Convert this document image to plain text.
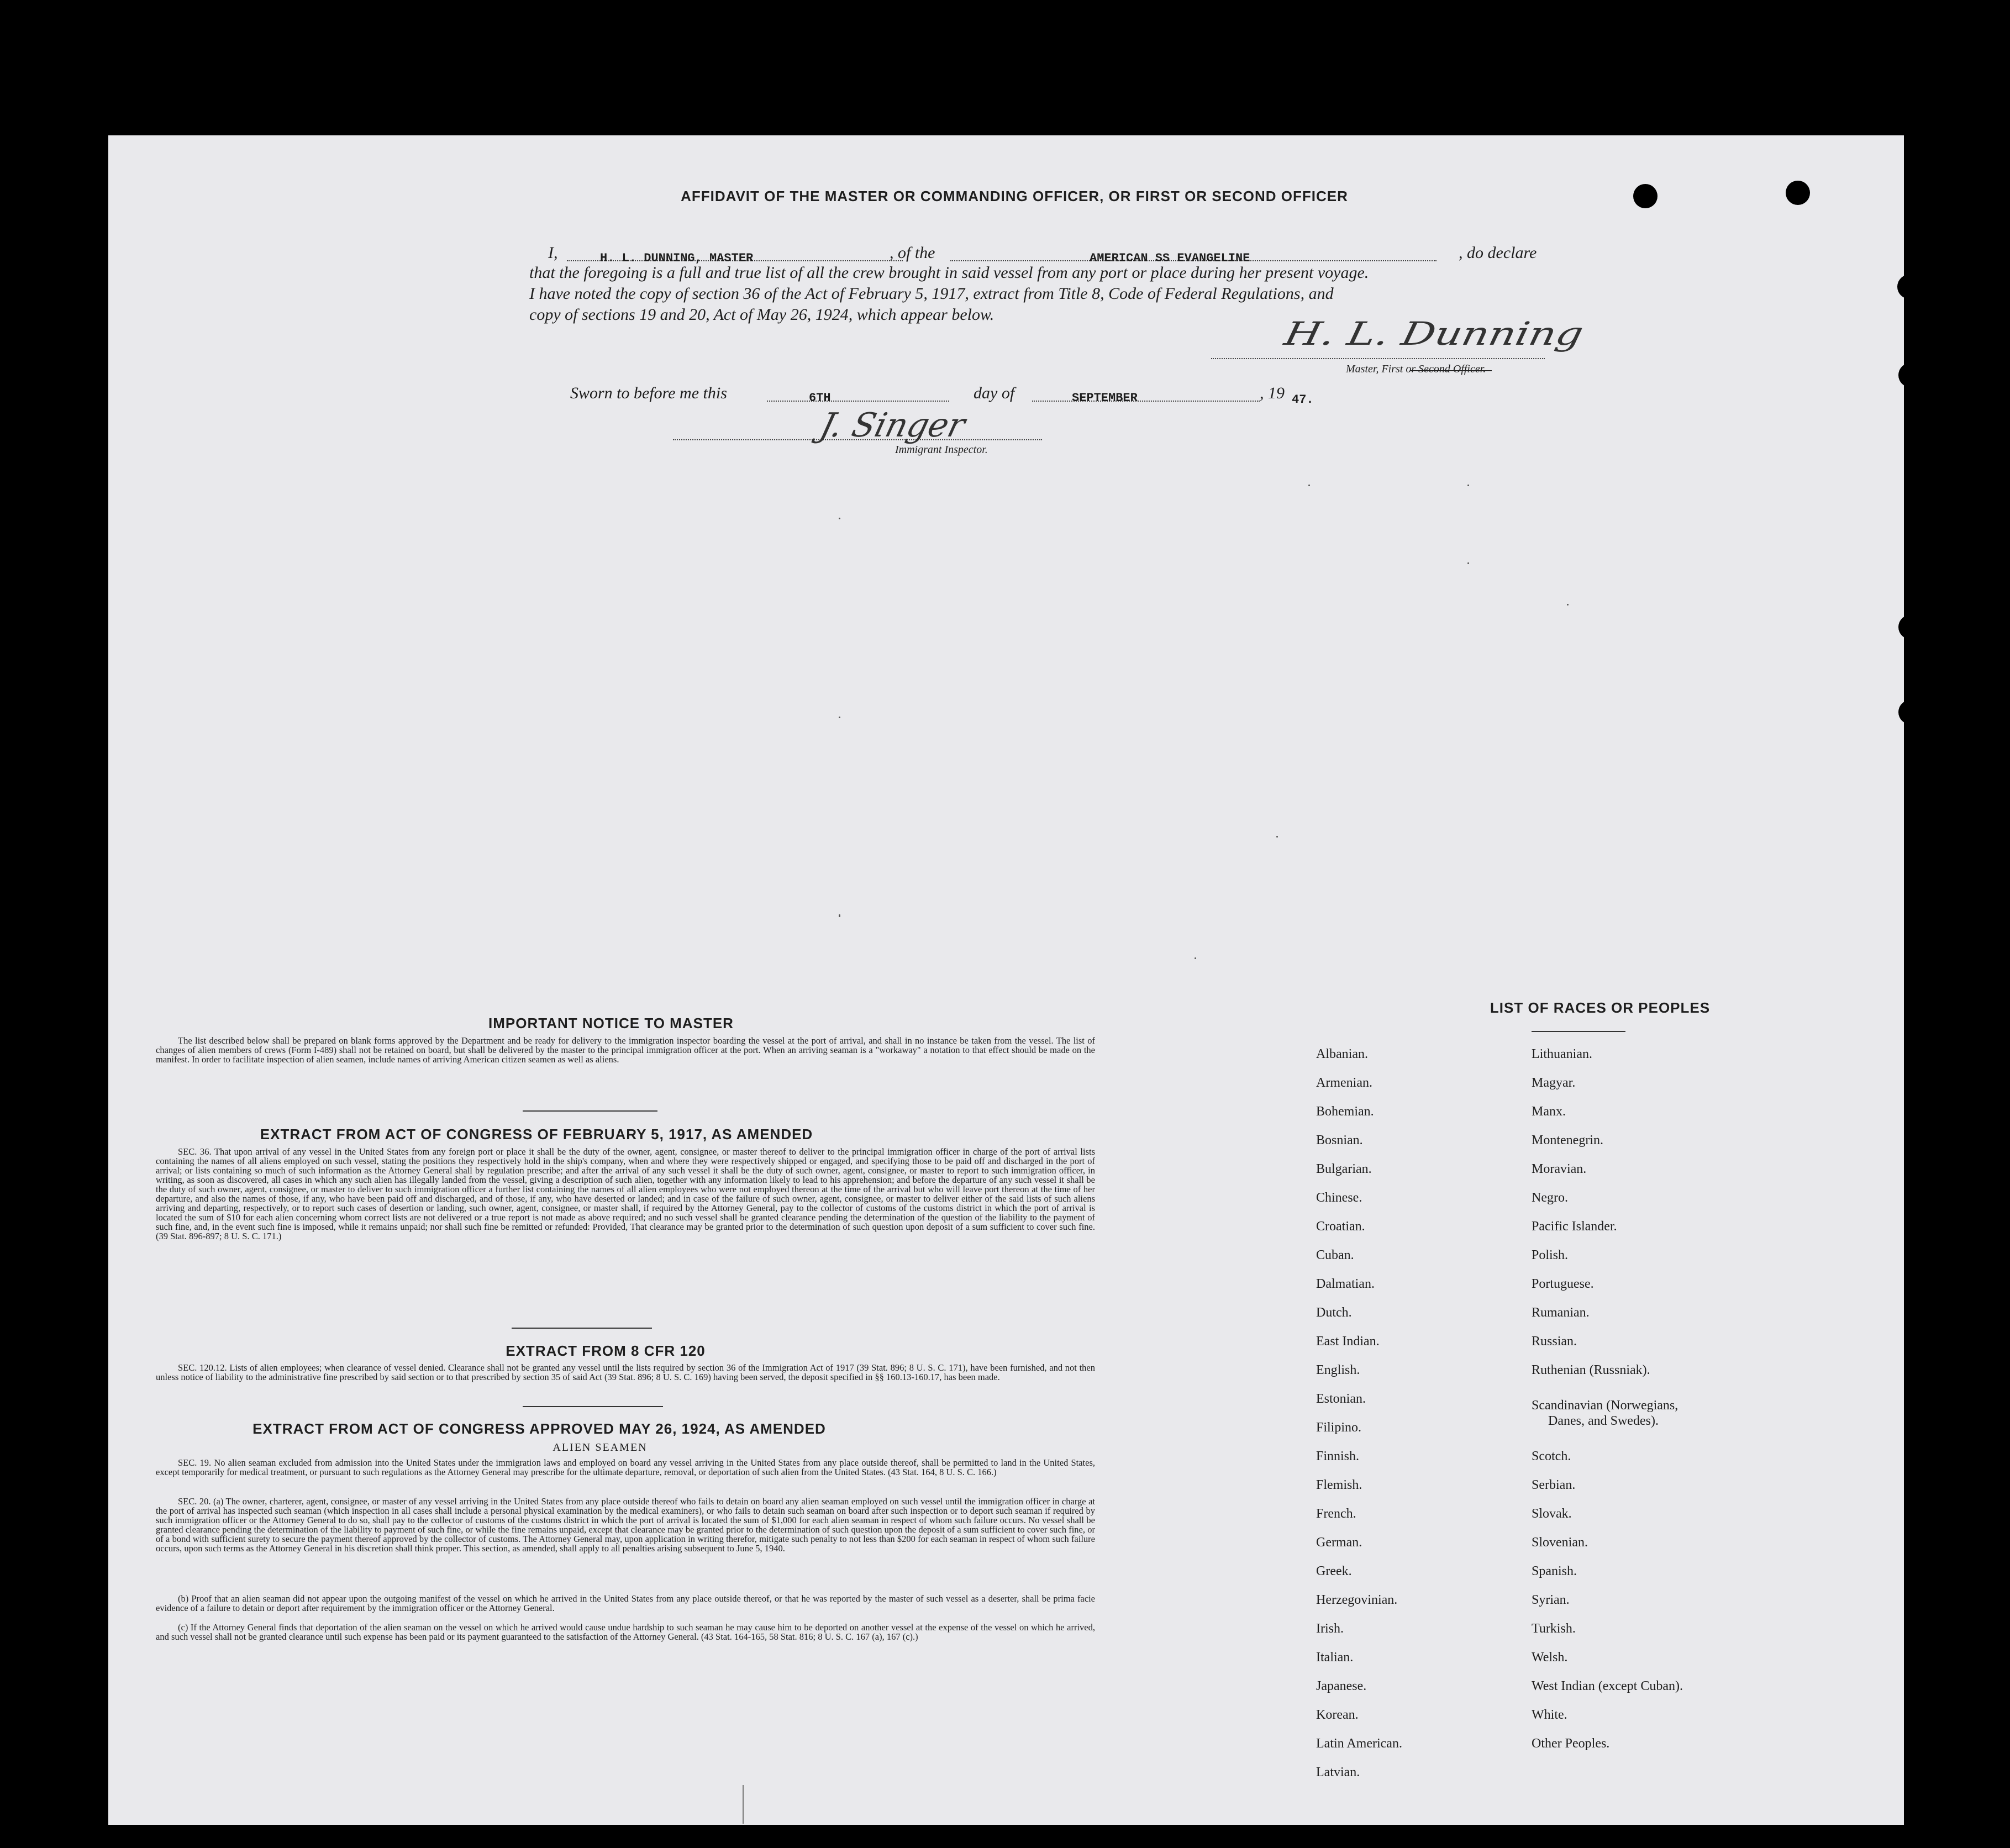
AFFIDAVIT OF THE MASTER OR COMMANDING OFFICER, OR FIRST OR SECOND OFFICER
I,	H. L. DUNNING, MASTER	, of the	AMERICAN SS EVANGELINE	, do declare
that the foregoing is a full and true list of all the crew brought in said vessel from any port or place during her present voyage.
I have noted the copy of section 36 of the Act of February 5, 1917, extract from Title 8, Code of Federal Regulations, and
copy of sections 19 and 20, Act of May 26, 1924, which appear below.
H. L. Dunning
Master, First or Second Officer.
Sworn to before me this	6TH	day of	SEPTEMBER	, 19 47.
J. Singer
Immigrant Inspector.
IMPORTANT NOTICE TO MASTER
The list described below shall be prepared on blank forms approved by the Department and be ready for delivery to the immigration inspector boarding the vessel at the port of arrival, and shall in no instance be taken from the vessel. The list of changes of alien members of crews (Form I-489) shall not be retained on board, but shall be delivered by the master to the principal immigration officer at the port. When an arriving seaman is a "workaway" a notation to that effect should be made on the manifest. In order to facilitate inspection of alien seamen, include names of arriving American citizen seamen as well as aliens.
EXTRACT FROM ACT OF CONGRESS OF FEBRUARY 5, 1917, AS AMENDED
SEC. 36. That upon arrival of any vessel in the United States from any foreign port or place it shall be the duty of the owner, agent, consignee, or master thereof to deliver to the principal immigration officer in charge of the port of arrival lists containing the names of all aliens employed on such vessel, stating the positions they respectively hold in the ship's company, when and where they were respectively shipped or engaged, and specifying those to be paid off and discharged in the port of arrival; or lists containing so much of such information as the Attorney General shall by regulation prescribe; and after the arrival of any such vessel it shall be the duty of such owner, agent, consignee, or master to report to such immigration officer, in writing, as soon as discovered, all cases in which any such alien has illegally landed from the vessel, giving a description of such alien, together with any information likely to lead to his apprehension; and before the departure of any such vessel it shall be the duty of such owner, agent, consignee, or master to deliver to such immigration officer a further list containing the names of all alien employees who were not employed thereon at the time of the arrival but who will leave port thereon at the time of her departure, and also the names of those, if any, who have been paid off and discharged, and of those, if any, who have deserted or landed; and in case of the failure of such owner, agent, consignee, or master to deliver either of the said lists of such aliens arriving and departing, respectively, or to report such cases of desertion or landing, such owner, agent, consignee, or master shall, if required by the Attorney General, pay to the collector of customs of the customs district in which the port of arrival is located the sum of $10 for each alien concerning whom correct lists are not delivered or a true report is not made as above required; and no such vessel shall be granted clearance pending the determination of the question of the liability to the payment of such fine, and, in the event such fine is imposed, while it remains unpaid; nor shall such fine be remitted or refunded: Provided, That clearance may be granted prior to the determination of such question upon deposit of a sum sufficient to cover such fine. (39 Stat. 896-897; 8 U. S. C. 171.)
EXTRACT FROM 8 CFR 120
SEC. 120.12. Lists of alien employees; when clearance of vessel denied. Clearance shall not be granted any vessel until the lists required by section 36 of the Immigration Act of 1917 (39 Stat. 896; 8 U. S. C. 171), have been furnished, and not then unless notice of liability to the administrative fine prescribed by said section or to that prescribed by section 35 of said Act (39 Stat. 896; 8 U. S. C. 169) having been served, the deposit specified in §§ 160.13-160.17, has been made.
EXTRACT FROM ACT OF CONGRESS APPROVED MAY 26, 1924, AS AMENDED
ALIEN SEAMEN
SEC. 19. No alien seaman excluded from admission into the United States under the immigration laws and employed on board any vessel arriving in the United States from any place outside thereof, shall be permitted to land in the United States, except temporarily for medical treatment, or pursuant to such regulations as the Attorney General may prescribe for the ultimate departure, removal, or deportation of such alien from the United States. (43 Stat. 164, 8 U. S. C. 166.)
SEC. 20. (a) The owner, charterer, agent, consignee, or master of any vessel arriving in the United States from any place outside thereof who fails to detain on board any alien seaman employed on such vessel until the immigration officer in charge at the port of arrival has inspected such seaman (which inspection in all cases shall include a personal physical examination by the medical examiners), or who fails to detain such seaman on board after such inspection or to deport such seaman if required by such immigration officer or the Attorney General to do so, shall pay to the collector of customs of the customs district in which the port of arrival is located the sum of $1,000 for each alien seaman in respect of whom such failure occurs. No vessel shall be granted clearance pending the determination of the liability to payment of such fine, or while the fine remains unpaid, except that clearance may be granted prior to the determination of such question upon the deposit of a sum sufficient to cover such fine, or of a bond with sufficient surety to secure the payment thereof approved by the collector of customs. The Attorney General may, upon application in writing therefor, mitigate such penalty to not less than $200 for each seaman in respect of whom such failure occurs, upon such terms as the Attorney General in his discretion shall think proper. This section, as amended, shall apply to all penalties arising subsequent to June 5, 1940.
(b) Proof that an alien seaman did not appear upon the outgoing manifest of the vessel on which he arrived in the United States from any place outside thereof, or that he was reported by the master of such vessel as a deserter, shall be prima facie evidence of a failure to detain or deport after requirement by the immigration officer or the Attorney General.
(c) If the Attorney General finds that deportation of the alien seaman on the vessel on which he arrived would cause undue hardship to such seaman he may cause him to be deported on another vessel at the expense of the vessel on which he arrived, and such vessel shall not be granted clearance until such expense has been paid or its payment guaranteed to the satisfaction of the Attorney General. (43 Stat. 164-165, 58 Stat. 816; 8 U. S. C. 167 (a), 167 (c).)
LIST OF RACES OR PEOPLES
Albanian.
Armenian.
Bohemian.
Bosnian.
Bulgarian.
Chinese.
Croatian.
Cuban.
Dalmatian.
Dutch.
East Indian.
English.
Estonian.
Filipino.
Finnish.
Flemish.
French.
German.
Greek.
Herzegovinian.
Irish.
Italian.
Japanese.
Korean.
Latin American.
Latvian.
Lithuanian.
Magyar.
Manx.
Montenegrin.
Moravian.
Negro.
Pacific Islander.
Polish.
Portuguese.
Rumanian.
Russian.
Ruthenian (Russniak).
Scandinavian (Norwegians,
Danes, and Swedes).
Scotch.
Serbian.
Slovak.
Slovenian.
Spanish.
Syrian.
Turkish.
Welsh.
West Indian (except Cuban).
White.
Other Peoples.
